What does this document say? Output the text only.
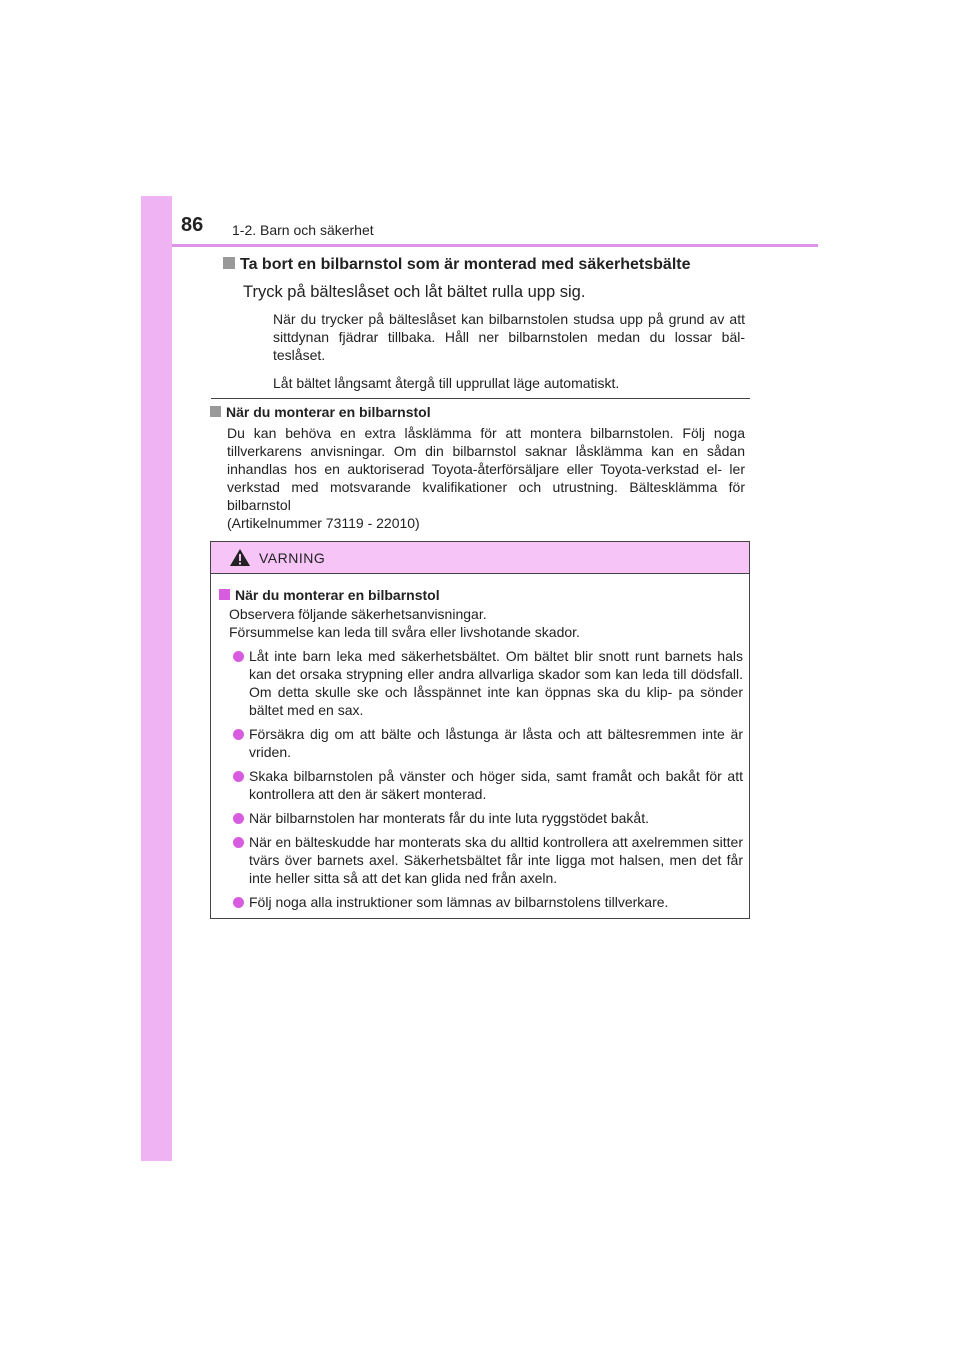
86 1-2. Barn och säkerhet
Ta bort en bilbarnstol som är monterad med säkerhetsbälte
Tryck på bälteslåset och låt bältet rulla upp sig.

När du trycker på bälteslåset kan bilbarnstolen studsa upp på grund av att sittdynan fjädrar tillbaka. Håll ner bilbarnstolen medan du lossar bäl- teslåset.

Låt bältet långsamt återgå till upprullat läge automatiskt.

När du monterar en bilbarnstol

Du kan behöva en extra låsklämma för att montera bilbarnstolen. Följ noga tillverkarens anvisningar. Om din bilbarnstol saknar låsklämma kan en sådan inhandlas hos en auktoriserad Toyota-återförsäljare eller Toyota-verkstad el- ler verkstad med motsvarande kvalifikationer och utrustning. Bältesklämma för bilbarnstol

(Artikelnummer 73119 - 22010)

VARNING
När du monterar en bilbarnstol
Observera följande säkerhetsanvisningar.
Försummelse kan leda till svåra eller livshotande skador.
Låt inte barn leka med säkerhetsbältet. Om bältet blir snott runt barnets hals kan det orsaka strypning eller andra allvarliga skador som kan leda till dödsfall. Om detta skulle ske och låsspännet inte kan öppnas ska du klip- pa sönder bältet med en sax.
Försäkra dig om att bälte och låstunga är låsta och att bältesremmen inte är vriden.
Skaka bilbarnstolen på vänster och höger sida, samt framåt och bakåt för att kontrollera att den är säkert monterad.
När bilbarnstolen har monterats får du inte luta ryggstödet bakåt.
När en bälteskudde har monterats ska du alltid kontrollera att axelremmen sitter tvärs över barnets axel. Säkerhetsbältet får inte ligga mot halsen, men det får inte heller sitta så att det kan glida ned från axeln.
Följ noga alla instruktioner som lämnas av bilbarnstolens tillverkare.
